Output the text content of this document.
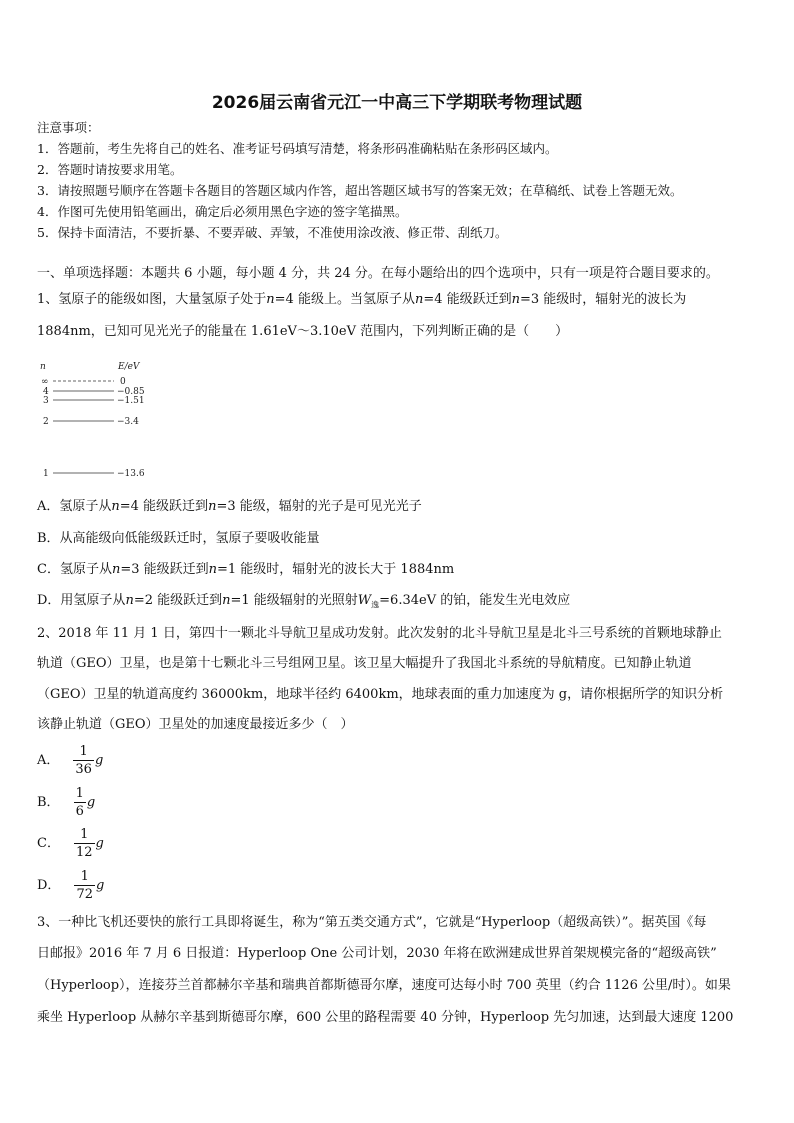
2026届云南省元江一中高三下学期联考物理试题
注意事项：
1．答题前，考生先将自己的姓名、准考证号码填写清楚，将条形码准确粘贴在条形码区域内。
2．答题时请按要求用笔。
3．请按照题号顺序在答题卡各题目的答题区域内作答，超出答题区域书写的答案无效；在草稿纸、试卷上答题无效。
4．作图可先使用铅笔画出，确定后必须用黑色字迹的签字笔描黑。
5．保持卡面清洁，不要折暴、不要弄破、弄皱，不准使用涂改液、修正带、刮纸刀。
一、单项选择题：本题共 6 小题，每小题 4 分，共 24 分。在每小题给出的四个选项中，只有一项是符合题目要求的。
1、氢原子的能级如图，大量氢原子处于n=4 能级上。当氢原子从n=4 能级跃迁到n=3 能级时，辐射光的波长为
1884nm，已知可见光光子的能量在 1.61eV～3.10eV 范围内，下列判断正确的是（　　）
n	E/eV
∞	0
4	−0.85
3	−1.51
2	−3.4
1	−13.6
A．氢原子从n=4 能级跃迁到n=3 能级，辐射的光子是可见光光子
B．从高能级向低能级跃迁时，氢原子要吸收能量
C．氢原子从n=3 能级跃迁到n=1 能级时，辐射光的波长大于 1884nm
D．用氢原子从n=2 能级跃迁到n=1 能级辐射的光照射$W_逸=6.34eV$ 的铂，能发生光电效应
2、2018 年 11 月 1 日，第四十一颗北斗导航卫星成功发射。此次发射的北斗导航卫星是北斗三号系统的首颗地球静止
轨道（GEO）卫星，也是第十七颗北斗三号组网卫星。该卫星大幅提升了我国北斗系统的导航精度。已知静止轨道
（GEO）卫星的轨道高度约 36000km，地球半径约 6400km，地球表面的重力加速度为 g，请你根据所学的知识分析
该静止轨道（GEO）卫星处的加速度最接近多少（　）
A． $\frac{1}{36}$ g
B． $\frac{1}{6}$ g
C． $\frac{1}{12}$ g
D． $\frac{1}{72}$ g
3、一种比飞机还要快的旅行工具即将诞生，称为“第五类交通方式”，它就是“Hyperloop（超级高铁）”。据英国《每
日邮报》2016 年 7 月 6 日报道：Hyperloop One 公司计划，2030 年将在欧洲建成世界首架规模完备的“超级高铁”
（Hyperloop），连接芬兰首都赫尔辛基和瑞典首都斯德哥尔摩，速度可达每小时 700 英里（约合 1126 公里/时）。如果
乘坐 Hyperloop 从赫尔辛基到斯德哥尔摩，600 公里的路程需要 40 分钟，Hyperloop 先匀加速，达到最大速度 1200
